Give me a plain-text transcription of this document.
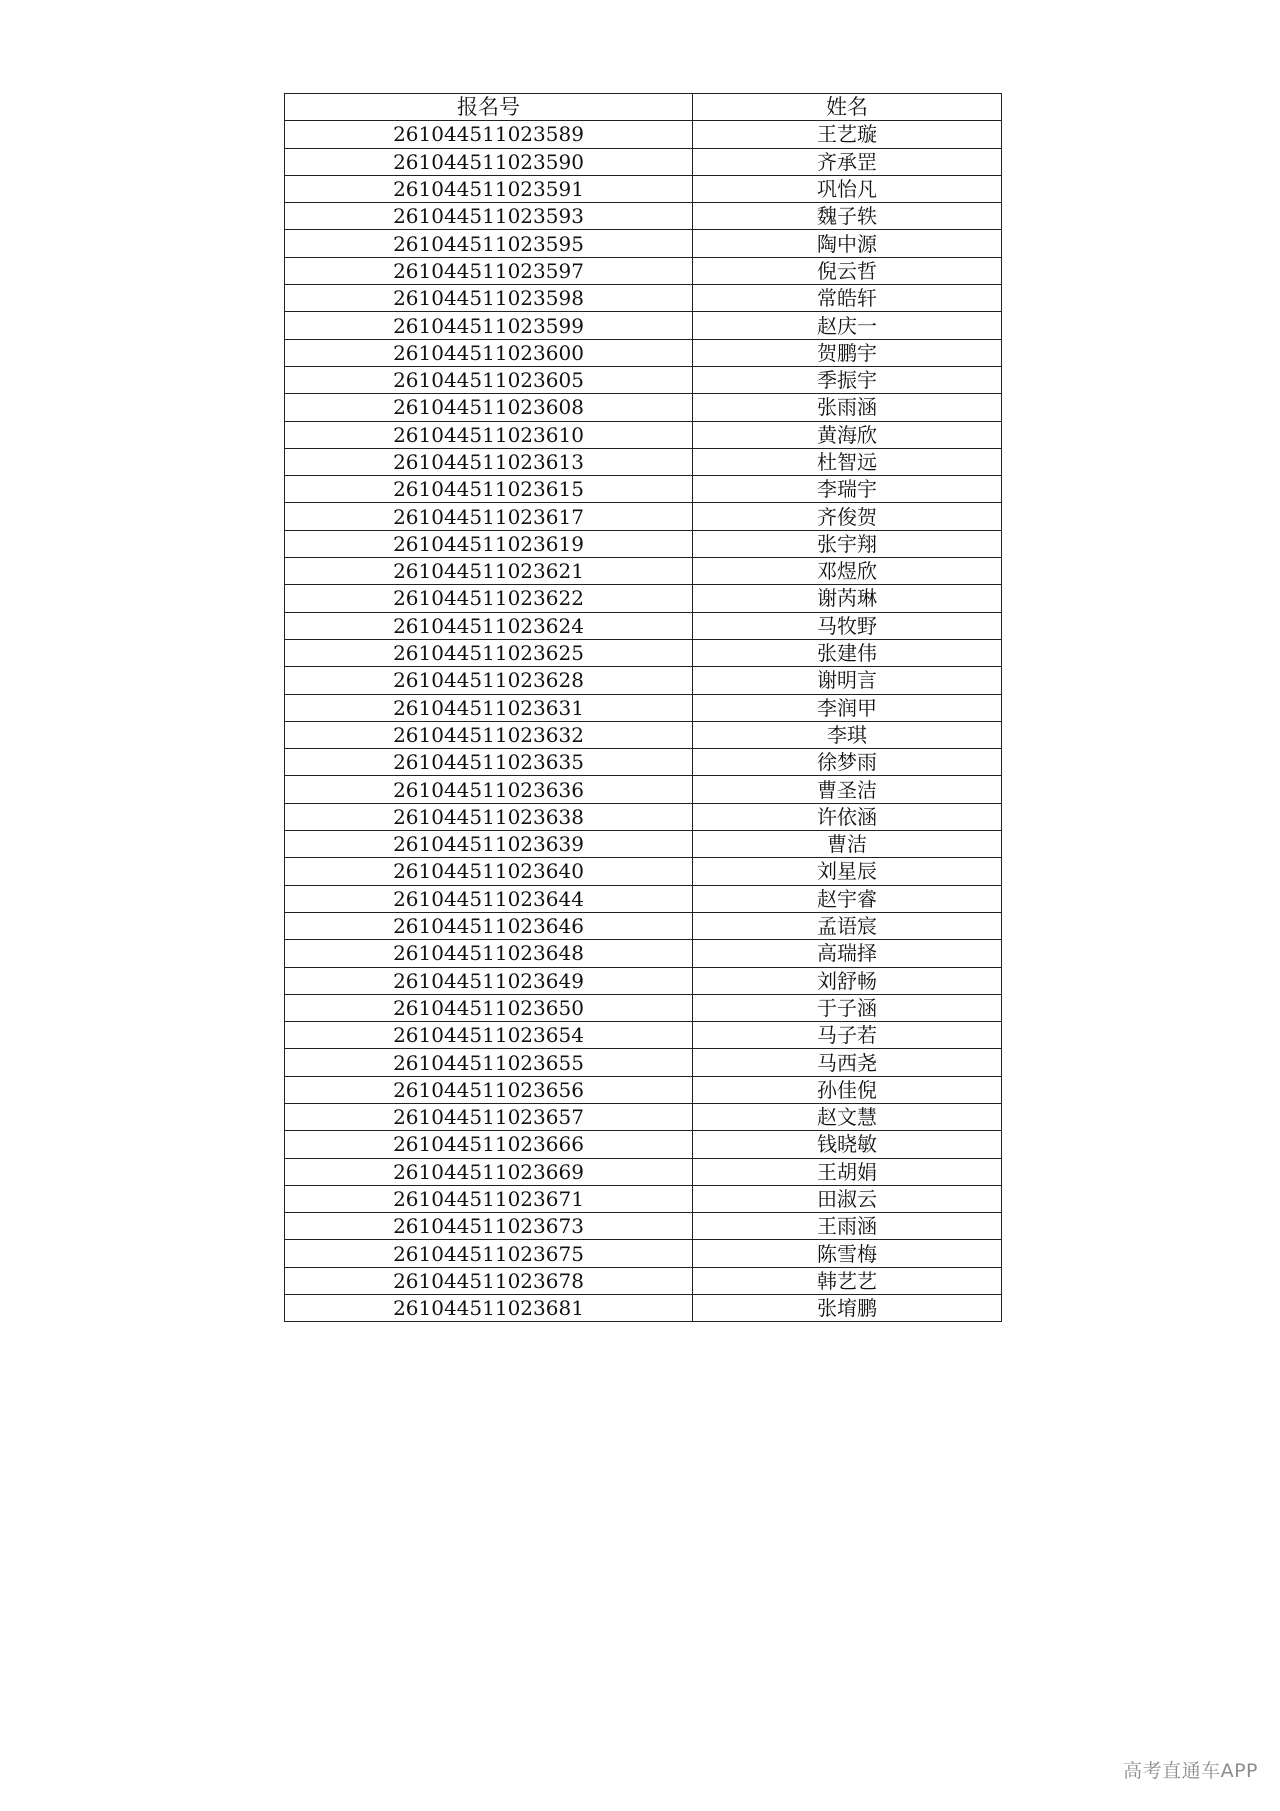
报名号	姓名
261044511023589	王艺璇
261044511023590	齐承罡
261044511023591	巩怡凡
261044511023593	魏子轶
261044511023595	陶中源
261044511023597	倪云哲
261044511023598	常皓轩
261044511023599	赵庆一
261044511023600	贺鹏宇
261044511023605	季振宇
261044511023608	张雨涵
261044511023610	黄海欣
261044511023613	杜智远
261044511023615	李瑞宇
261044511023617	齐俊贺
261044511023619	张宇翔
261044511023621	邓煜欣
261044511023622	谢芮琳
261044511023624	马牧野
261044511023625	张建伟
261044511023628	谢明言
261044511023631	李润甲
261044511023632	李琪
261044511023635	徐梦雨
261044511023636	曹圣洁
261044511023638	许依涵
261044511023639	曹洁
261044511023640	刘星辰
261044511023644	赵宇睿
261044511023646	孟语宸
261044511023648	高瑞择
261044511023649	刘舒畅
261044511023650	于子涵
261044511023654	马子若
261044511023655	马西尧
261044511023656	孙佳倪
261044511023657	赵文慧
261044511023666	钱晓敏
261044511023669	王胡娟
261044511023671	田淑云
261044511023673	王雨涵
261044511023675	陈雪梅
261044511023678	韩艺艺
261044511023681	张堉鹏
高考直通车APP
